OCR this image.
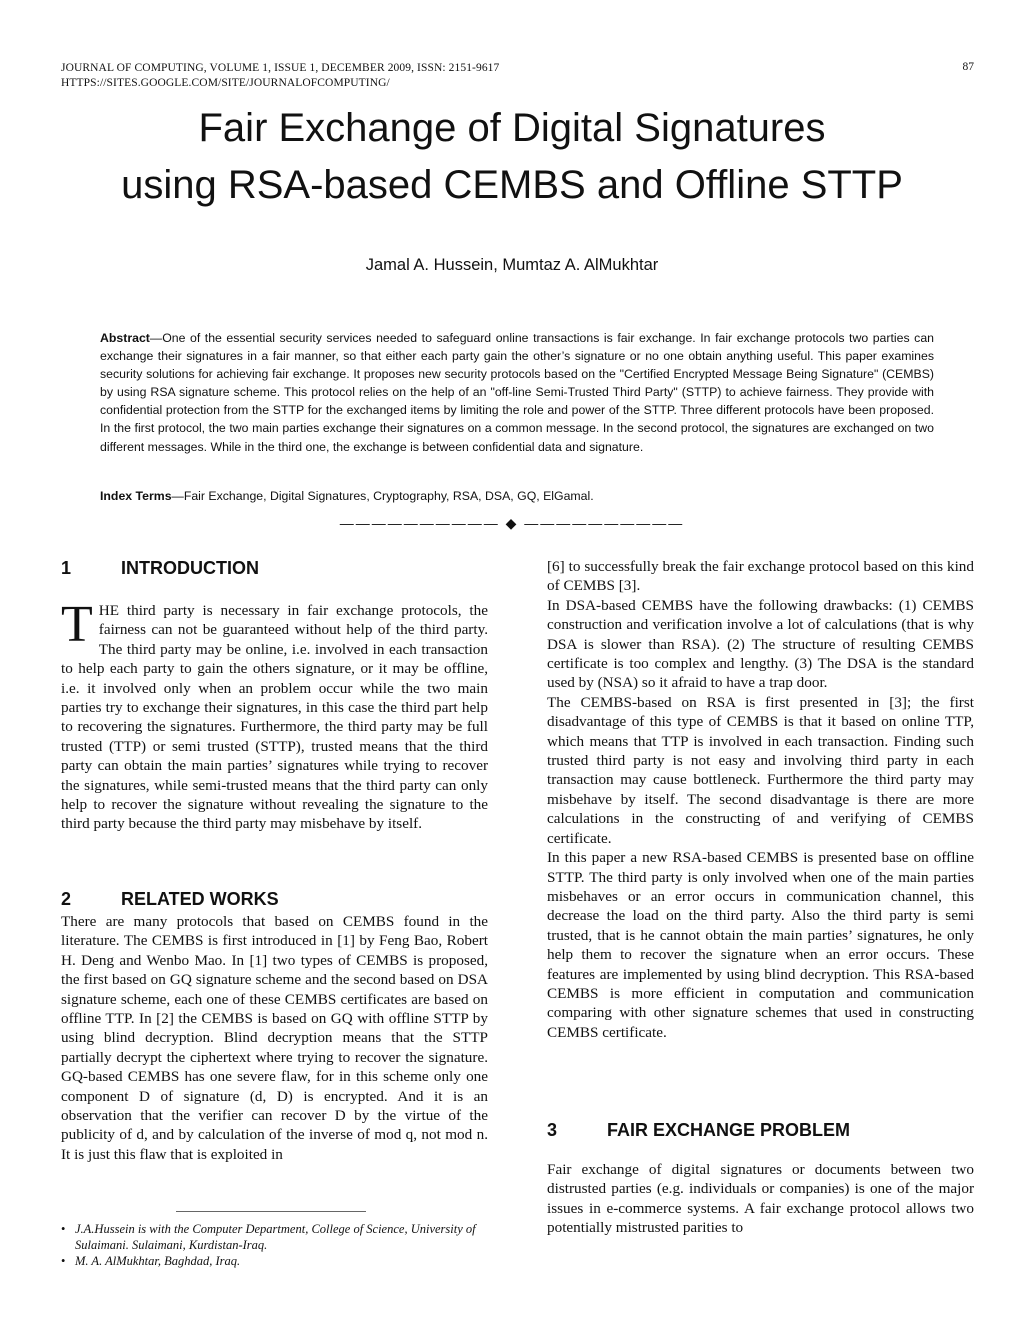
JOURNAL OF COMPUTING, VOLUME 1, ISSUE 1, DECEMBER 2009, ISSN: 2151-9617
HTTPS://SITES.GOOGLE.COM/SITE/JOURNALOFCOMPUTING/
87
Fair Exchange of Digital Signatures
using RSA-based CEMBS and Offline STTP
Jamal A. Hussein, Mumtaz A. AlMukhtar
Abstract—One of the essential security services needed to safeguard online transactions is fair exchange. In fair exchange protocols two parties can exchange their signatures in a fair manner, so that either each party gain the other’s signature or no one obtain anything useful. This paper examines security solutions for achieving fair exchange. It proposes new security protocols based on the "Certified Encrypted Message Being Signature" (CEMBS) by using RSA signature scheme. This protocol relies on the help of an "off-line Semi-Trusted Third Party" (STTP) to achieve fairness. They provide with confidential protection from the STTP for the exchanged items by limiting the role and power of the STTP. Three different protocols have been proposed. In the first protocol, the two main parties exchange their signatures on a common message. In the second protocol, the signatures are exchanged on two different messages. While in the third one, the exchange is between confidential data and signature.
Index Terms—Fair Exchange, Digital Signatures, Cryptography, RSA, DSA, GQ, ElGamal.
—————————— ◆ ——————————
1	INTRODUCTION

THE third party is necessary in fair exchange protocols, the fairness can not be guaranteed without help of the third party. The third party may be online, i.e. involved in each transaction to help each party to gain the others signature, or it may be offline, i.e. it involved only when an problem occur while the two main parties try to exchange their signatures, in this case the third part help to recovering the signatures. Furthermore, the third party may be full trusted (TTP) or semi trusted (STTP), trusted means that the third party can obtain the main parties’ signatures while trying to recover the signatures, while semi-trusted means that the third party can only help to recover the signature without revealing the signature to the third party because the third party may misbehave by itself.

2	RELATED WORKS

There are many protocols that based on CEMBS found in the literature. The CEMBS is first introduced in [1] by Feng Bao, Robert H. Deng and Wenbo Mao. In [1] two types of CEMBS is proposed, the first based on GQ signature scheme and the second based on DSA signature scheme, each one of these CEMBS certificates are based on offline TTP. In [2] the CEMBS is based on GQ with offline STTP by using blind decryption. Blind decryption means that the STTP partially decrypt the ciphertext where trying to recover the signature. GQ-based CEMBS has one severe flaw, for in this scheme only one component D of signature (d, D) is encrypted. And it is an observation that the verifier can recover D by the virtue of the publicity of d, and by calculation of the inverse of mod q, not mod n. It is just this flaw that is exploited in

[6] to successfully break the fair exchange protocol based on this kind of CEMBS [3].

In DSA-based CEMBS have the following drawbacks: (1) CEMBS construction and verification involve a lot of calculations (that is why DSA is slower than RSA). (2) The structure of resulting CEMBS certificate is too complex and lengthy. (3) The DSA is the standard used by (NSA) so it afraid to have a trap door.

The CEMBS-based on RSA is first presented in [3]; the first disadvantage of this type of CEMBS is that it based on online TTP, which means that TTP is involved in each transaction. Finding such trusted third party is not easy and involving third party in each transaction may cause bottleneck. Furthermore the third party may misbehave by itself. The second disadvantage is there are more calculations in the constructing of and verifying of CEMBS certificate.

In this paper a new RSA-based CEMBS is presented base on offline STTP. The third party is only involved when one of the main parties misbehaves or an error occurs in communication channel, this decrease the load on the third party. Also the third party is semi trusted, that is he cannot obtain the main parties’ signatures, he only help them to recover the signature when an error occurs. These features are implemented by using blind decryption. This RSA-based CEMBS is more efficient in computation and communication comparing with other signature schemes that used in constructing CEMBS certificate.

3	FAIR EXCHANGE PROBLEM

Fair exchange of digital signatures or documents between two distrusted parties (e.g. individuals or companies) is one of the major issues in e-commerce systems. A fair exchange protocol allows two potentially mistrusted parities to

• J.A.Hussein is with the Computer Department, College of Science, University of Sulaimani. Sulaimani, Kurdistan-Iraq.
• M. A. AlMukhtar, Baghdad, Iraq.
